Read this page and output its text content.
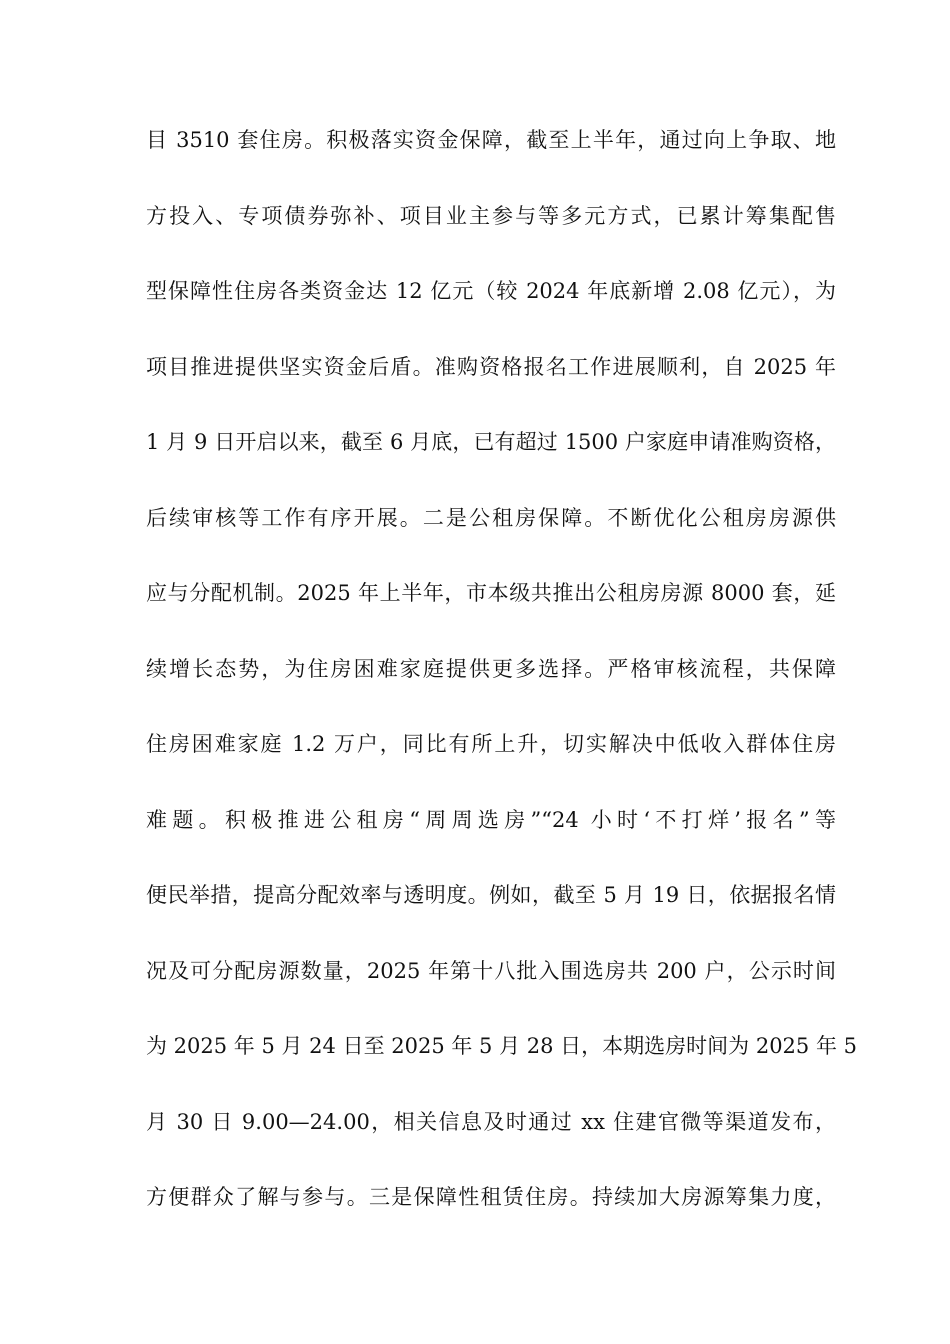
目 3510 套住房。积极落实资金保障，截至上半年，通过向上争取、地
方投入、专项债券弥补、项目业主参与等多元方式，已累计筹集配售
型保障性住房各类资金达 12 亿元（较 2024 年底新增 2.08 亿元），为
项目推进提供坚实资金后盾。准购资格报名工作进展顺利，自 2025 年
1 月 9 日开启以来，截至 6 月底，已有超过 1500 户家庭申请准购资格，
后续审核等工作有序开展。二是公租房保障。不断优化公租房房源供
应与分配机制。2025 年上半年，市本级共推出公租房房源 8000 套，延
续增长态势，为住房困难家庭提供更多选择。严格审核流程，共保障
住房困难家庭 1.2 万户，同比有所上升，切实解决中低收入群体住房
难题。积极推进公租房“周周选房”“24 小时‘不打烊’报名”等
便民举措，提高分配效率与透明度。例如，截至 5 月 19 日，依据报名情
况及可分配房源数量，2025 年第十八批入围选房共 200 户，公示时间
为 2025 年 5 月 24 日至 2025 年 5 月 28 日，本期选房时间为 2025 年 5
月 30 日 9.00—24.00，相关信息及时通过 xx 住建官微等渠道发布，
方便群众了解与参与。三是保障性租赁住房。持续加大房源筹集力度，
